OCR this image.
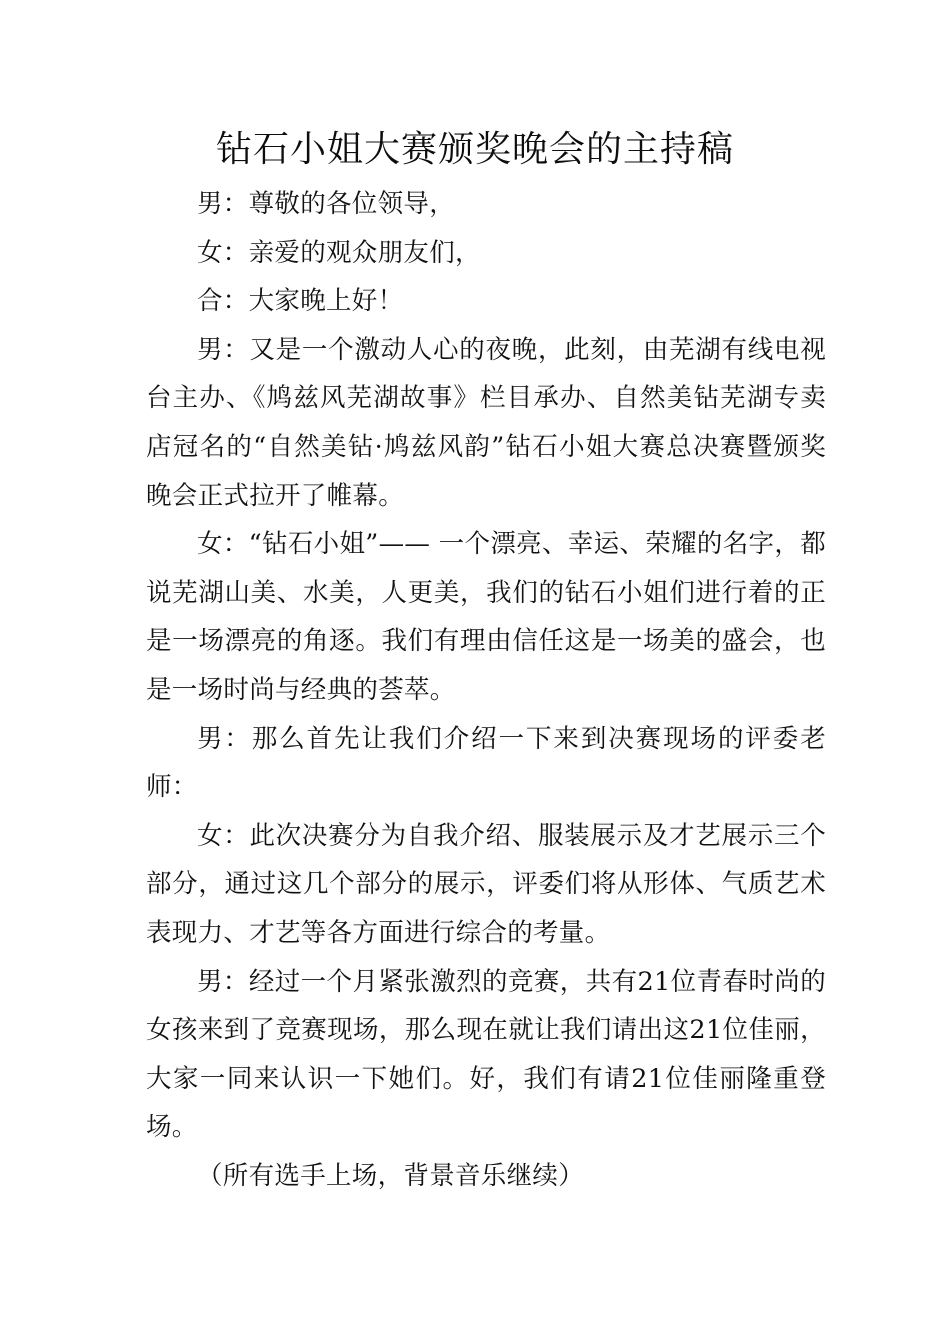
钻石小姐大赛颁奖晚会的主持稿

男：尊敬的各位领导，

女：亲爱的观众朋友们，

合：大家晚上好！

男：又是一个激动人心的夜晚，此刻，由芜湖有线电视台主办、《鸠兹风芜湖故事》栏目承办、自然美钻芜湖专卖店冠名的“自然美钻·鸠兹风韵”钻石小姐大赛总决赛暨颁奖晚会正式拉开了帷幕。

女：“钻石小姐”—— 一个漂亮、幸运、荣耀的名字，都说芜湖山美、水美，人更美，我们的钻石小姐们进行着的正是一场漂亮的角逐。我们有理由信任这是一场美的盛会，也是一场时尚与经典的荟萃。

男：那么首先让我们介绍一下来到决赛现场的评委老师：

女：此次决赛分为自我介绍、服装展示及才艺展示三个部分，通过这几个部分的展示，评委们将从形体、气质艺术表现力、才艺等各方面进行综合的考量。

男：经过一个月紧张激烈的竞赛，共有21位青春时尚的女孩来到了竞赛现场，那么现在就让我们请出这21位佳丽，大家一同来认识一下她们。好，我们有请21位佳丽隆重登场。

（所有选手上场，背景音乐继续）
